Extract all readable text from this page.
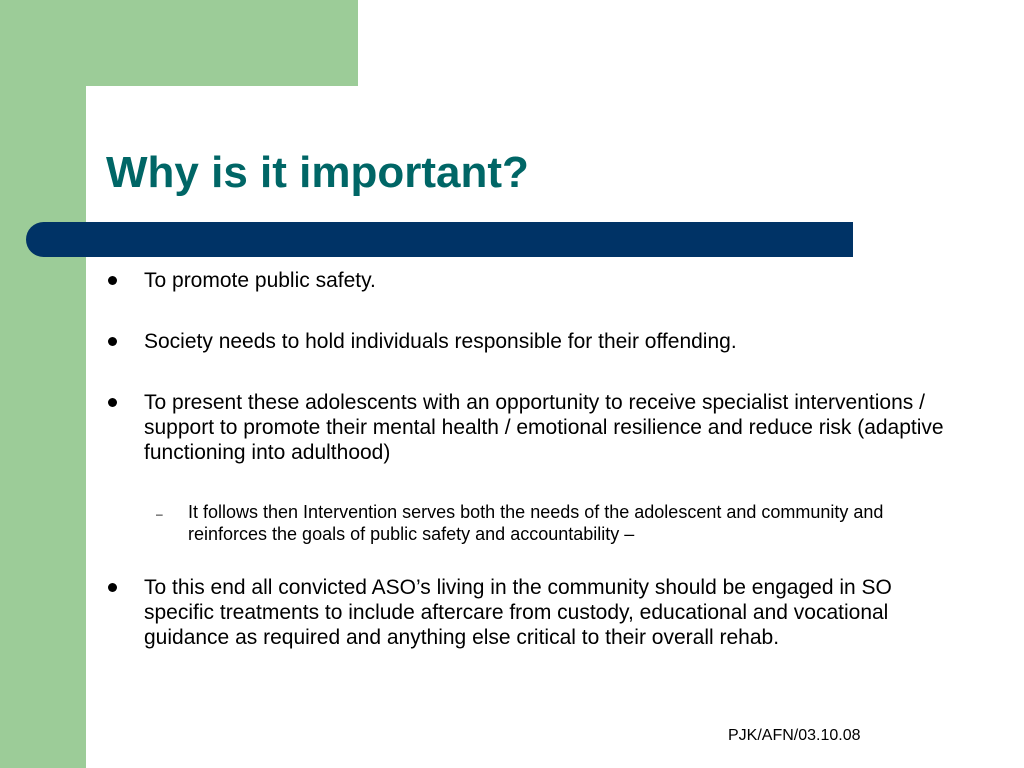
Why is it important?
To promote public safety.
Society needs to hold individuals responsible for their offending.
To present these adolescents with an opportunity to receive specialist interventions / support to promote their mental health / emotional resilience and reduce risk (adaptive functioning into adulthood)
– It follows then Intervention serves both the needs of the adolescent and community and reinforces the goals of public safety and accountability –
To this end all convicted ASO’s living in the community should be engaged in SO specific treatments to include aftercare from custody, educational and vocational guidance as required and anything else critical to their overall rehab.
PJK/AFN/03.10.08
